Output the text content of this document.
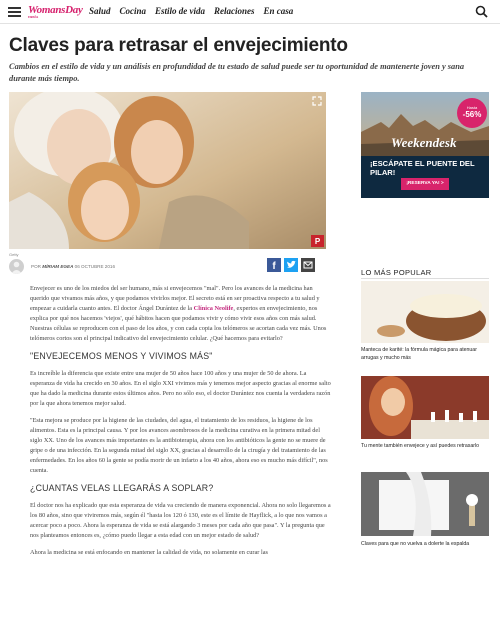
WomansDay
ESPAÑA
Salud Cocina Estilo de vida Relaciones En casa
Claves para retrasar el envejecimiento

Cambios en el estilo de vida y un análisis en profundidad de tu estado de salud puede ser tu oportunidad de mantenerte joven y sana durante más tiempo.

P
Getty
POR MÍRIAM EGEA 06 OCTUBRE 2016	f

Envejecer es uno de los miedos del ser humano, más si envejecemos "mal". Pero los avances de la medicina han querido que vivamos más años, y que podamos vivirlos mejor. El secreto está en ser proactiva respecto a tu salud y empezar a cuidarla cuanto antes. El doctor Ángel Durántez de la Clínica Neolife, expertos en envejecimiento, nos explica por qué nos hacemos 'viejos', qué hábitos hacen que podamos vivir y cómo vivir esos años con más salud. Nuestras células se reproducen con el paso de los años, y con cada copia los telómeros se acortan cada vez más. Unos telómeros cortos son el principal indicativo del envejecimiento celular. ¿Qué hacemos para evitarlo?

"ENVEJECEMOS MENOS Y VIVIMOS MÁS"

Es increíble la diferencia que existe entre una mujer de 50 años hace 100 años y una mujer de 50 de ahora. La esperanza de vida ha crecido en 30 años. En el siglo XXI vivimos más y tenemos mejor aspecto gracias al enorme salto que ha dado la medicina durante estos últimos años. Pero no sólo eso, el doctor Durántez nos cuenta la verdadera razón por la que ahora tenemos mejor salud.

"Esta mejora se produce por la higiene de las ciudades, del agua, el tratamiento de los residuos, la higiene de los alimentos. Esta es la principal causa. Y por los avances asombrosos de la medicina curativa en la primera mitad del siglo XX. Uno de los avances más importantes es la antibioterapia, ahora con los antibióticos la gente no se muere de gripe o de una infección. En la segunda mitad del siglo XX, gracias al desarrollo de la cirugía y del tratamiento de las enfermedades. En los años 60 la gente se podía morir de un infarto a los 40 años, ahora eso es mucho más difícil", nos cuenta.

¿CUANTAS VELAS LLEGARÁS A SOPLAR?

El doctor nos ha explicado que esta esperanza de vida va creciendo de manera exponencial. Ahora no solo llegaremos a los 80 años, sino que viviremos más, según él "hasta los 120 ó 130, este es el límite de Hayflick, a lo que nos vamos a acercar poco a poco. Ahora la esperanza de vida se está alargando 3 meses por cada año que pasa". Y la pregunta que nos planteamos entonces es, ¿cómo puedo llegar a esta edad con un mejor estado de salud?

Ahora la medicina se está enfocando en mantener la calidad de vida, no solamente en curar las

Hasta
-56%
Weekendesk
¡ESCÁPATE EL PUENTE DEL PILAR!
¡RESERVA YA! >
LO MÁS POPULAR
Manteca de karité: la fórmula mágica para atenuar arrugas y mucho más
Tu mente también envejece y así puedes retrasarlo
Claves para que no vuelva a dolerte la espalda
